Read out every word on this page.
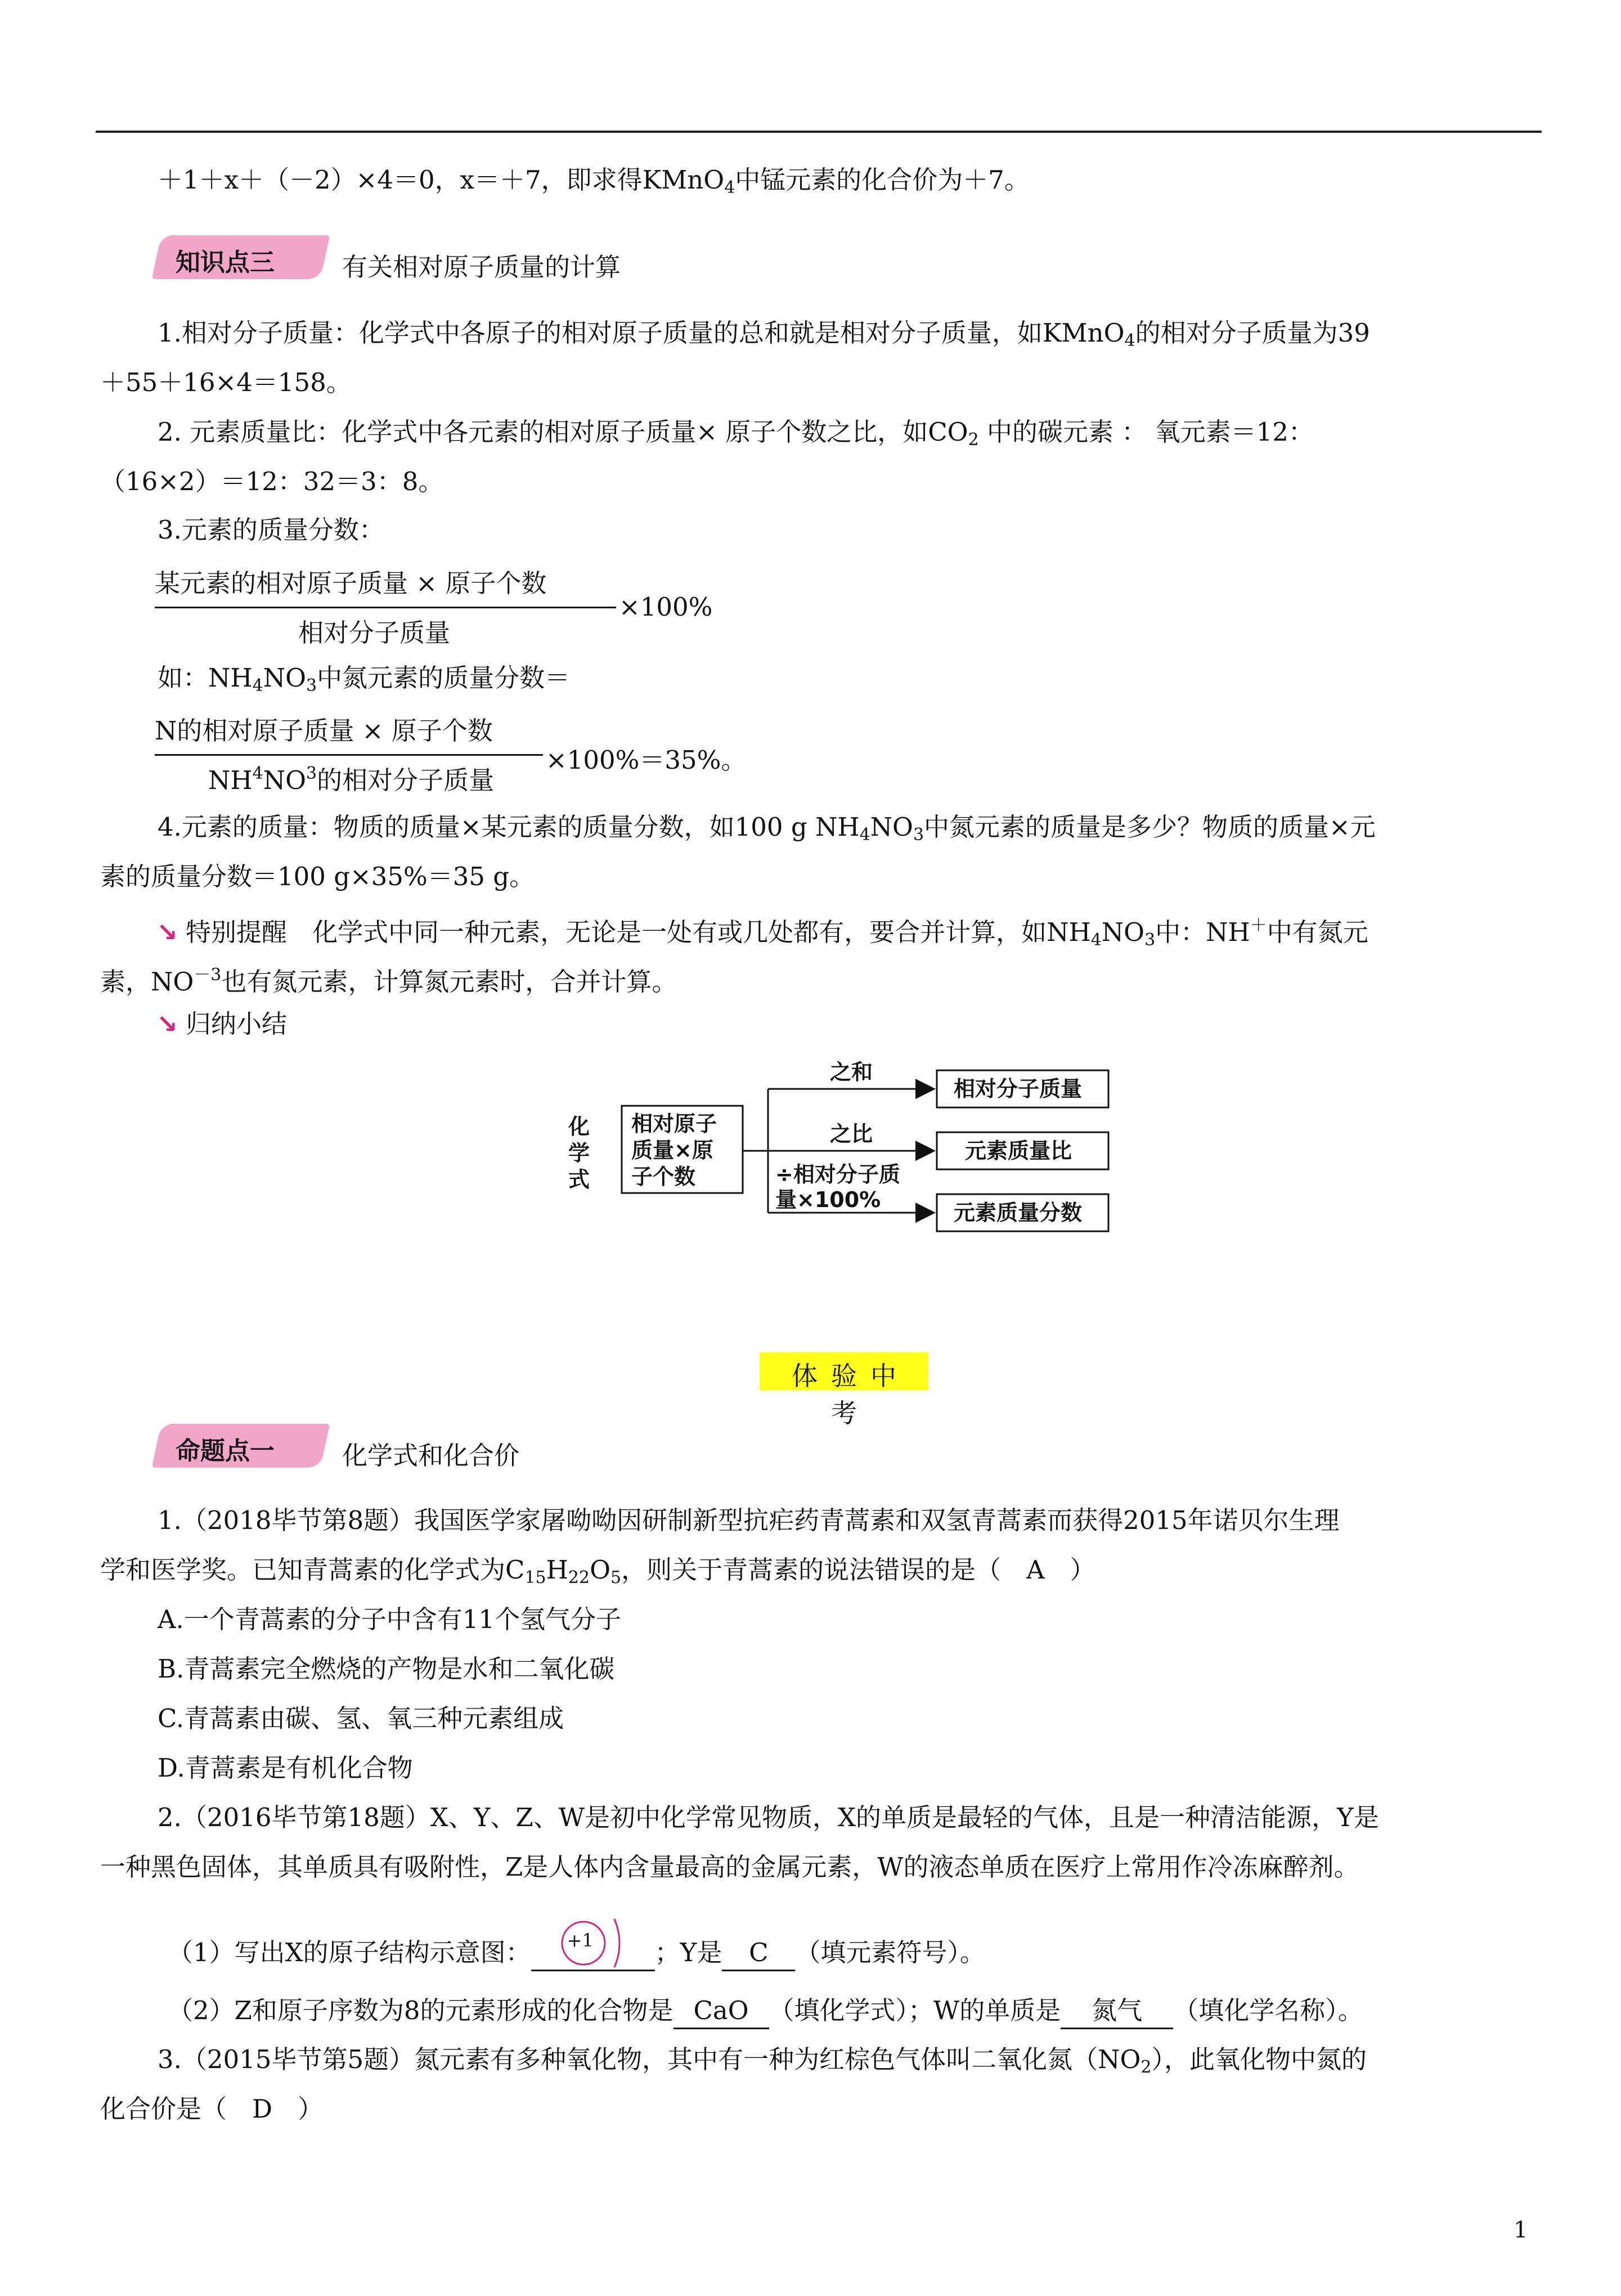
＋1＋x＋（－2）×4＝0，x＝＋7，即求得KMnO$_4$中锰元素的化合价为＋7。
知识点三	有关相对原子质量的计算
1.相对分子质量：化学式中各原子的相对原子质量的总和就是相对分子质量，如KMnO$_4$的相对分子质量为39
＋55＋16×4＝158。
2. 元素质量比：化学式中各元素的相对原子质量× 原子个数之比，如$CO_2$ 中的碳元素 ： 氧元素＝12：
（16×2）＝12：32＝3：8。
3.元素的质量分数：
某元素的相对原子质量 × 原子个数
相对分子质量
×100%
如：$NH_4NO_3$中氮元素的质量分数＝
N的相对原子质量 × 原子个数
$NH^4NO^3$的相对分子质量
×100%＝35%。
4.元素的质量：物质的质量×某元素的质量分数，如100 g $NH_4NO_3$中氮元素的质量是多少？物质的质量×元
素的质量分数＝100 g×35%＝35 g。
↘ 特别提醒　 化学式中同一种元素，无论是一处有或几处都有，要合并计算，如$NH_4NO_3$中：NH＋中有氮元
素，$NO^{-3}$也有氮元素，计算氮元素时，合并计算。
↘ 归纳小结
化
学
式
相对原子
质量×原
子个数
之和
之比
÷相对分子质
量×100%
相对分子质量
元素质量比
元素质量分数
体验中考
命题点一	化学式和化合价
1.（2018毕节第8题）我国医学家屠呦呦因研制新型抗疟药青蒿素和双氢青蒿素而获得2015年诺贝尔生理
学和医学奖。已知青蒿素的化学式为$C_{15}H_{22}O_5$，则关于青蒿素的说法错误的是（　A　）
A.一个青蒿素的分子中含有11个氢气分子
B.青蒿素完全燃烧的产物是水和二氧化碳
C.青蒿素由碳、氢、氧三种元素组成
D.青蒿素是有机化合物
2.（2016毕节第18题）X、Y、Z、W是初中化学常见物质，X的单质是最轻的气体，且是一种清洁能源，Y是
一种黑色固体，其单质具有吸附性，Z是人体内含量最高的金属元素，W的液态单质在医疗上常用作冷冻麻醉剂。
（1）写出X的原子结构示意图： +1 ；Y是 C （填元素符号）。
（2）Z和原子序数为8的元素形成的化合物是 CaO （填化学式）；W的单质是 氮气 （填化学名称）。
3.（2015毕节第5题）氮元素有多种氧化物，其中有一种为红棕色气体叫二氧化氮$(NO_2)$，此氧化物中氮的
化合价是（　D　）
1
